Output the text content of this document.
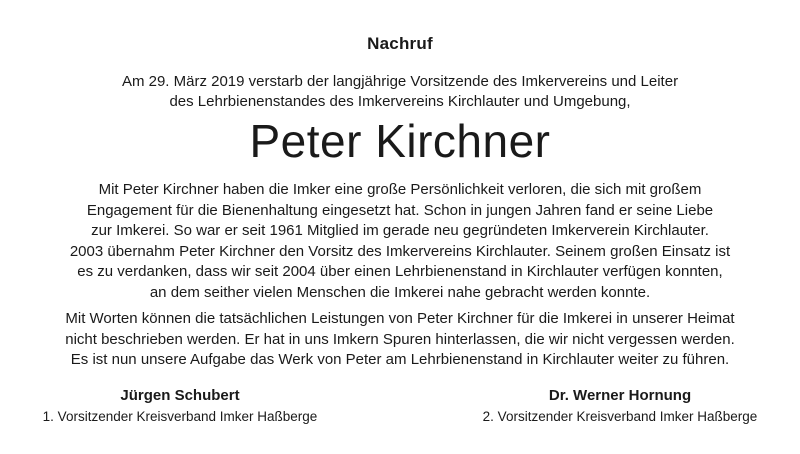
Nachruf
Am 29. März 2019 verstarb der langjährige Vorsitzende des Imkervereins und Leiter
des Lehrbienenstandes des Imkervereins Kirchlauter und Umgebung,
Peter Kirchner
Mit Peter Kirchner haben die Imker eine große Persönlichkeit verloren, die sich mit großem
Engagement für die Bienenhaltung eingesetzt hat. Schon in jungen Jahren fand er seine Liebe
zur Imkerei. So war er seit 1961 Mitglied im gerade neu gegründeten Imkerverein Kirchlauter.
2003 übernahm Peter Kirchner den Vorsitz des Imkervereins Kirchlauter. Seinem großen Einsatz ist
es zu verdanken, dass wir seit 2004 über einen Lehrbienenstand in Kirchlauter verfügen konnten,
an dem seither vielen Menschen die Imkerei nahe gebracht werden konnte.
Mit Worten können die tatsächlichen Leistungen von Peter Kirchner für die Imkerei in unserer Heimat
nicht beschrieben werden. Er hat in uns Imkern Spuren hinterlassen, die wir nicht vergessen werden.
Es ist nun unsere Aufgabe das Werk von Peter am Lehrbienenstand in Kirchlauter weiter zu führen.
Jürgen Schubert
1. Vorsitzender Kreisverband Imker Haßberge
Dr. Werner Hornung
2. Vorsitzender Kreisverband Imker Haßberge
